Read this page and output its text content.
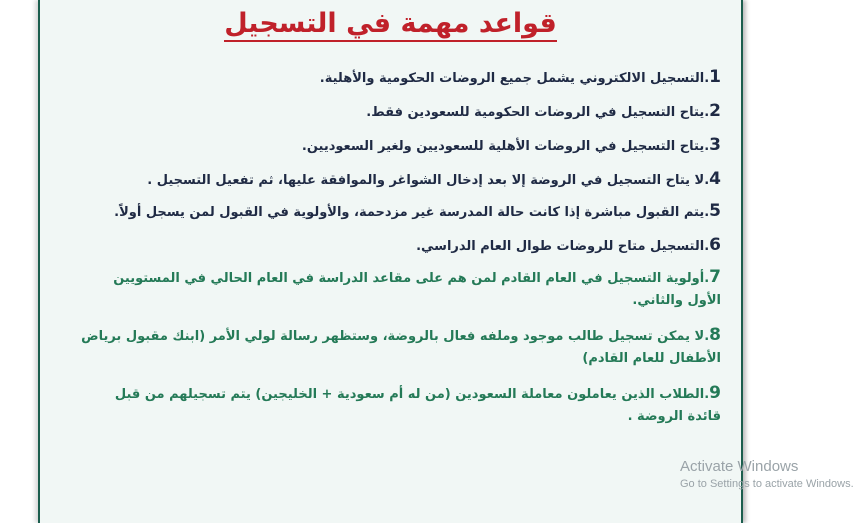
قواعد مهمة في التسجيل
1.التسجيل الالكتروني يشمل جميع الروضات الحكومية والأهلية.
2.يتاح التسجيل في الروضات الحكومية للسعودين فقط.
3.يتاح التسجيل في الروضات الأهلية للسعوديين ولغير السعوديين.
4.لا يتاح التسجيل في الروضة إلا بعد إدخال الشواغر والموافقة عليها، ثم تفعيل التسجيل .
5.يتم القبول مباشرة إذا كانت حالة المدرسة غير مزدحمة، والأولوية في القبول لمن يسجل أولاً.
6.التسجيل متاح للروضات طوال العام الدراسي.
7.أولوية التسجيل في العام القادم لمن هم على مقاعد الدراسة في العام الحالي في المستويين الأول والثاني.
8.لا يمكن تسجيل طالب موجود وملفه فعال بالروضة، وستظهر رسالة لولي الأمر (ابنك مقبول برياض الأطفال للعام القادم)
9.الطلاب الذين يعاملون معاملة السعودين (من له أم سعودية + الخليجين) يتم تسجيلهم من قبل قائدة الروضة .
Activate Windows
Go to Settings to activate Windows.
